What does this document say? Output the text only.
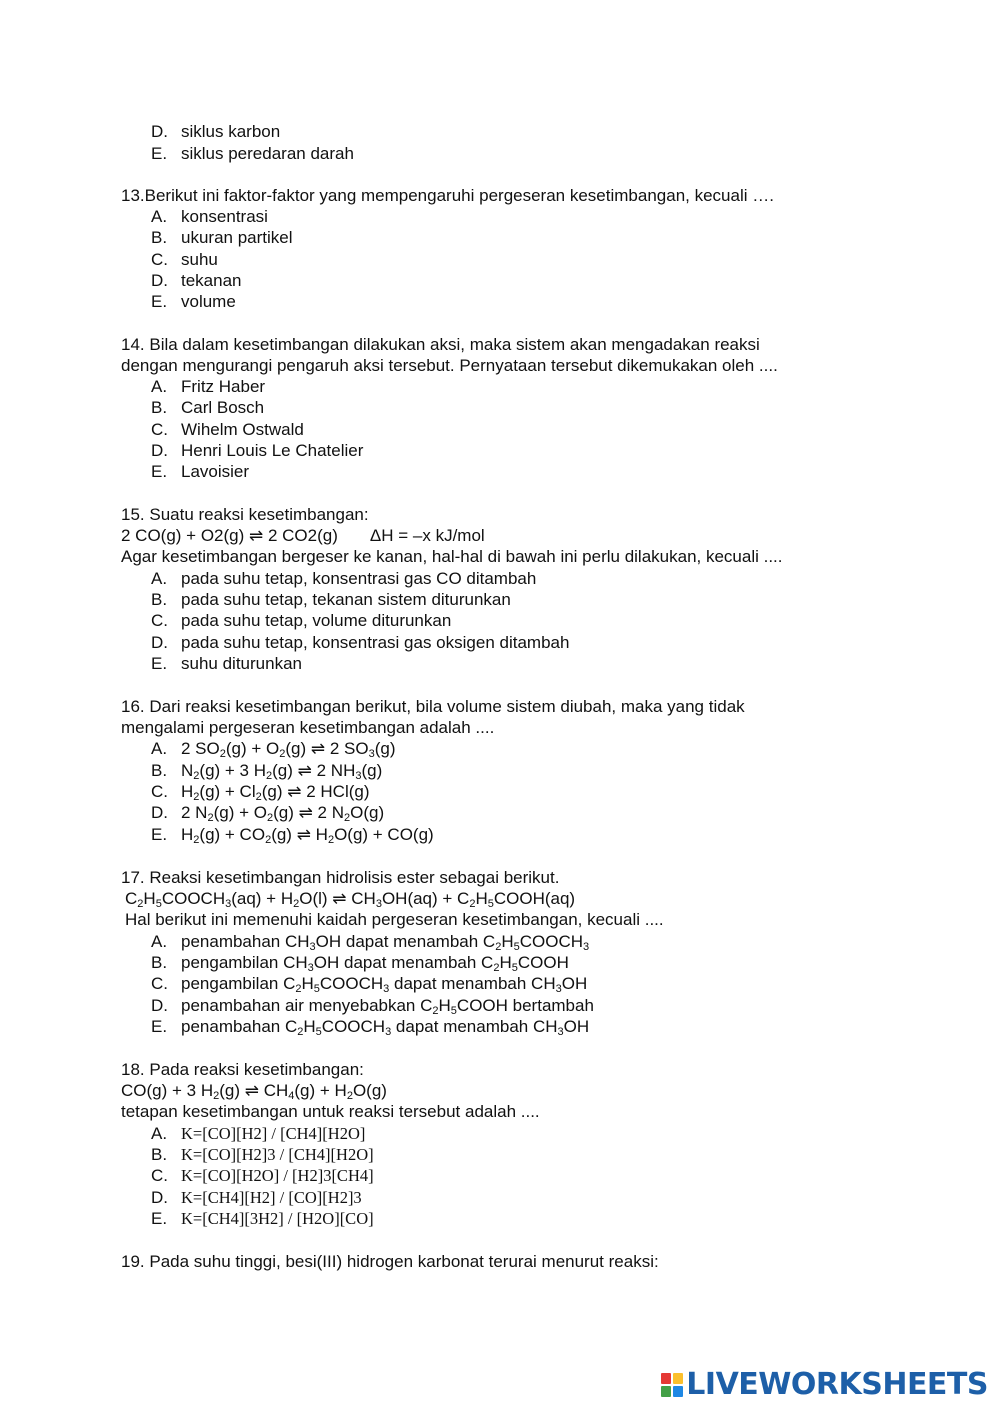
D. siklus karbon
E. siklus peredaran darah
13.Berikut ini faktor-faktor yang mempengaruhi pergeseran kesetimbangan, kecuali ….
A. konsentrasi
B. ukuran partikel
C. suhu
D. tekanan
E. volume
14. Bila dalam kesetimbangan dilakukan aksi, maka sistem akan mengadakan reaksi
dengan mengurangi pengaruh aksi tersebut. Pernyataan tersebut dikemukakan oleh ....
A. Fritz Haber
B. Carl Bosch
C. Wihelm Ostwald
D. Henri Louis Le Chatelier
E. Lavoisier
15. Suatu reaksi kesetimbangan:
2 CO(g) + O2(g) ⇌ 2 CO2(g) ΔH = –x kJ/mol
Agar kesetimbangan bergeser ke kanan, hal-hal di bawah ini perlu dilakukan, kecuali ....
A. pada suhu tetap, konsentrasi gas CO ditambah
B. pada suhu tetap, tekanan sistem diturunkan
C. pada suhu tetap, volume diturunkan
D. pada suhu tetap, konsentrasi gas oksigen ditambah
E. suhu diturunkan
16. Dari reaksi kesetimbangan berikut, bila volume sistem diubah, maka yang tidak
mengalami pergeseran kesetimbangan adalah ....
A. 2 $SO_2(g) + O_2(g)$ ⇌ 2 $SO_3(g)$
B. $N_2(g) + 3$ $H_2(g)$ ⇌ 2 $NH_3(g)$
C. $H_2(g) + Cl_2(g)$ ⇌ 2 HCl(g)
D. 2 $N_2(g) + O_2(g)$ ⇌ 2 $N_2O(g)$
E. $H_2(g) + CO_2(g)$ ⇌ $H_2O(g) + CO(g)$
17. Reaksi kesetimbangan hidrolisis ester sebagai berikut.
$C_2H_5COOCH_3(aq) + H_2O(l)$ ⇌ $CH_3OH(aq)$ + $C_2H_5COOH(aq)$
Hal berikut ini memenuhi kaidah pergeseran kesetimbangan, kecuali ....
A. penambahan $CH_3OH$ dapat menambah $C_2H_5COOCH_3$
B. pengambilan $CH_3OH$ dapat menambah $C_2H_5COOH$
C. pengambilan $C_2H_5COOCH_3$ dapat menambah $CH_3OH$
D. penambahan air menyebabkan $C_2H_5COOH$ bertambah
E. penambahan $C_2H_5COOCH_3$ dapat menambah $CH_3OH$
18. Pada reaksi kesetimbangan:
CO(g) + 3 $H_2(g)$ ⇌ $CH_4(g) + H_2O(g)$
tetapan kesetimbangan untuk reaksi tersebut adalah ....
A. K=[CO][H2] / [CH4][H2O]
B. K=[CO][H2]3 / [CH4][H2O]
C. K=[CO][H2O] / [H2]3[CH4]
D. K=[CH4][H2] / [CO][H2]3
E. K=[CH4][3H2] / [H2O][CO]
19. Pada suhu tinggi, besi(III) hidrogen karbonat terurai menurut reaksi:
LIVEWORKSHEETS
